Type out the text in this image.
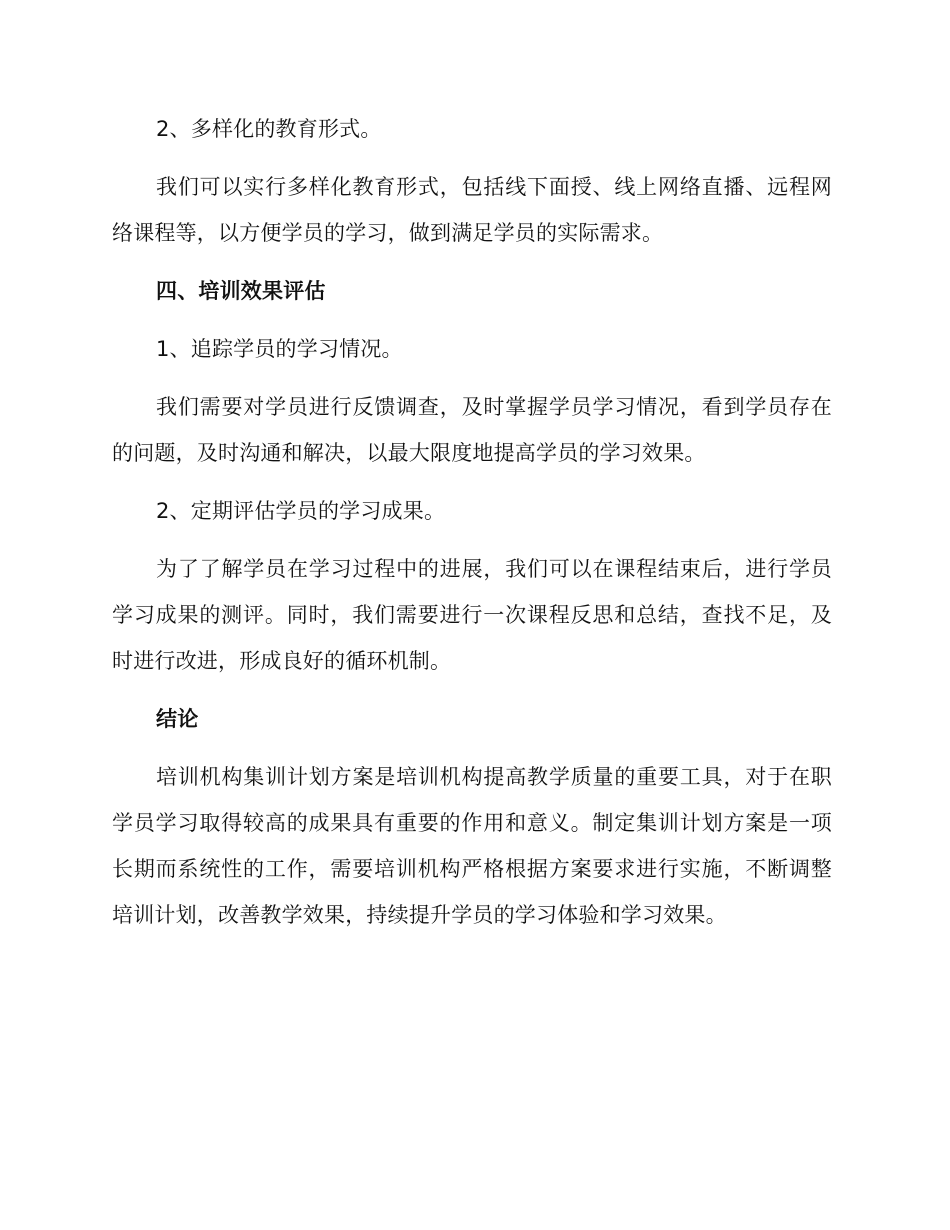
2、多样化的教育形式。

我们可以实行多样化教育形式，包括线下面授、线上网络直播、远程网络课程等，以方便学员的学习，做到满足学员的实际需求。

四、培训效果评估

1、追踪学员的学习情况。

我们需要对学员进行反馈调查，及时掌握学员学习情况，看到学员存在的问题，及时沟通和解决，以最大限度地提高学员的学习效果。

2、定期评估学员的学习成果。

为了了解学员在学习过程中的进展，我们可以在课程结束后，进行学员学习成果的测评。同时，我们需要进行一次课程反思和总结，查找不足，及时进行改进，形成良好的循环机制。

结论

培训机构集训计划方案是培训机构提高教学质量的重要工具，对于在职学员学习取得较高的成果具有重要的作用和意义。制定集训计划方案是一项长期而系统性的工作，需要培训机构严格根据方案要求进行实施，不断调整培训计划，改善教学效果，持续提升学员的学习体验和学习效果。
